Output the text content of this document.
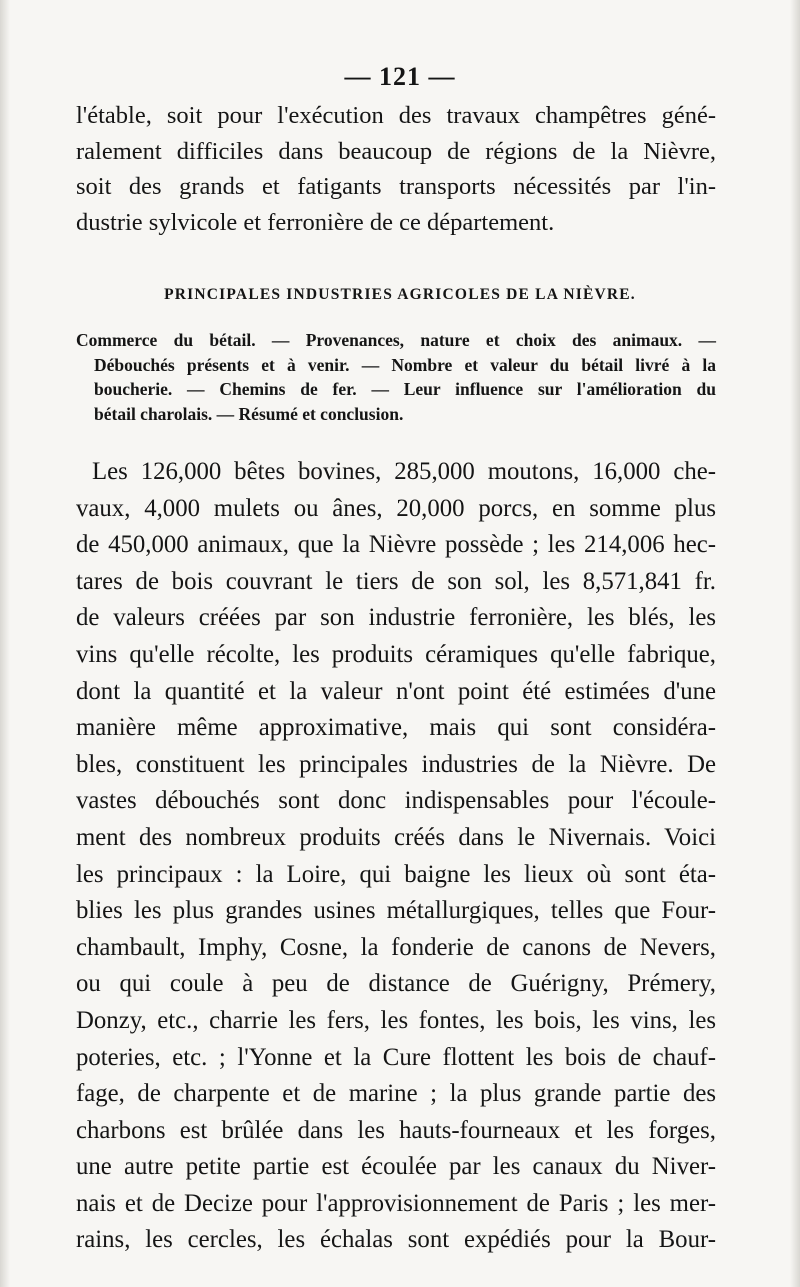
— 121 —
l'étable, soit pour l'exécution des travaux champêtres géné-
ralement difficiles dans beaucoup de régions de la Nièvre,
soit des grands et fatigants transports nécessités par l'in-
dustrie sylvicole et ferronière de ce département.
PRINCIPALES INDUSTRIES AGRICOLES DE LA NIÈVRE.
Commerce du bétail. — Provenances, nature et choix des animaux. —
Débouchés présents et à venir. — Nombre et valeur du bétail livré à la
boucherie. — Chemins de fer. — Leur influence sur l'amélioration du
bétail charolais. — Résumé et conclusion.
Les 126,000 bêtes bovines, 285,000 moutons, 16,000 che-
vaux, 4,000 mulets ou ânes, 20,000 porcs, en somme plus
de 450,000 animaux, que la Nièvre possède ; les 214,006 hec-
tares de bois couvrant le tiers de son sol, les 8,571,841 fr.
de valeurs créées par son industrie ferronière, les blés, les
vins qu'elle récolte, les produits céramiques qu'elle fabrique,
dont la quantité et la valeur n'ont point été estimées d'une
manière même approximative, mais qui sont considéra-
bles, constituent les principales industries de la Nièvre. De
vastes débouchés sont donc indispensables pour l'écoule-
ment des nombreux produits créés dans le Nivernais. Voici
les principaux : la Loire, qui baigne les lieux où sont éta-
blies les plus grandes usines métallurgiques, telles que Four-
chambault, Imphy, Cosne, la fonderie de canons de Nevers,
ou qui coule à peu de distance de Guérigny, Prémery,
Donzy, etc., charrie les fers, les fontes, les bois, les vins, les
poteries, etc. ; l'Yonne et la Cure flottent les bois de chauf-
fage, de charpente et de marine ; la plus grande partie des
charbons est brûlée dans les hauts-fourneaux et les forges,
une autre petite partie est écoulée par les canaux du Niver-
nais et de Decize pour l'approvisionnement de Paris ; les mer-
rains, les cercles, les échalas sont expédiés pour la Bour-
